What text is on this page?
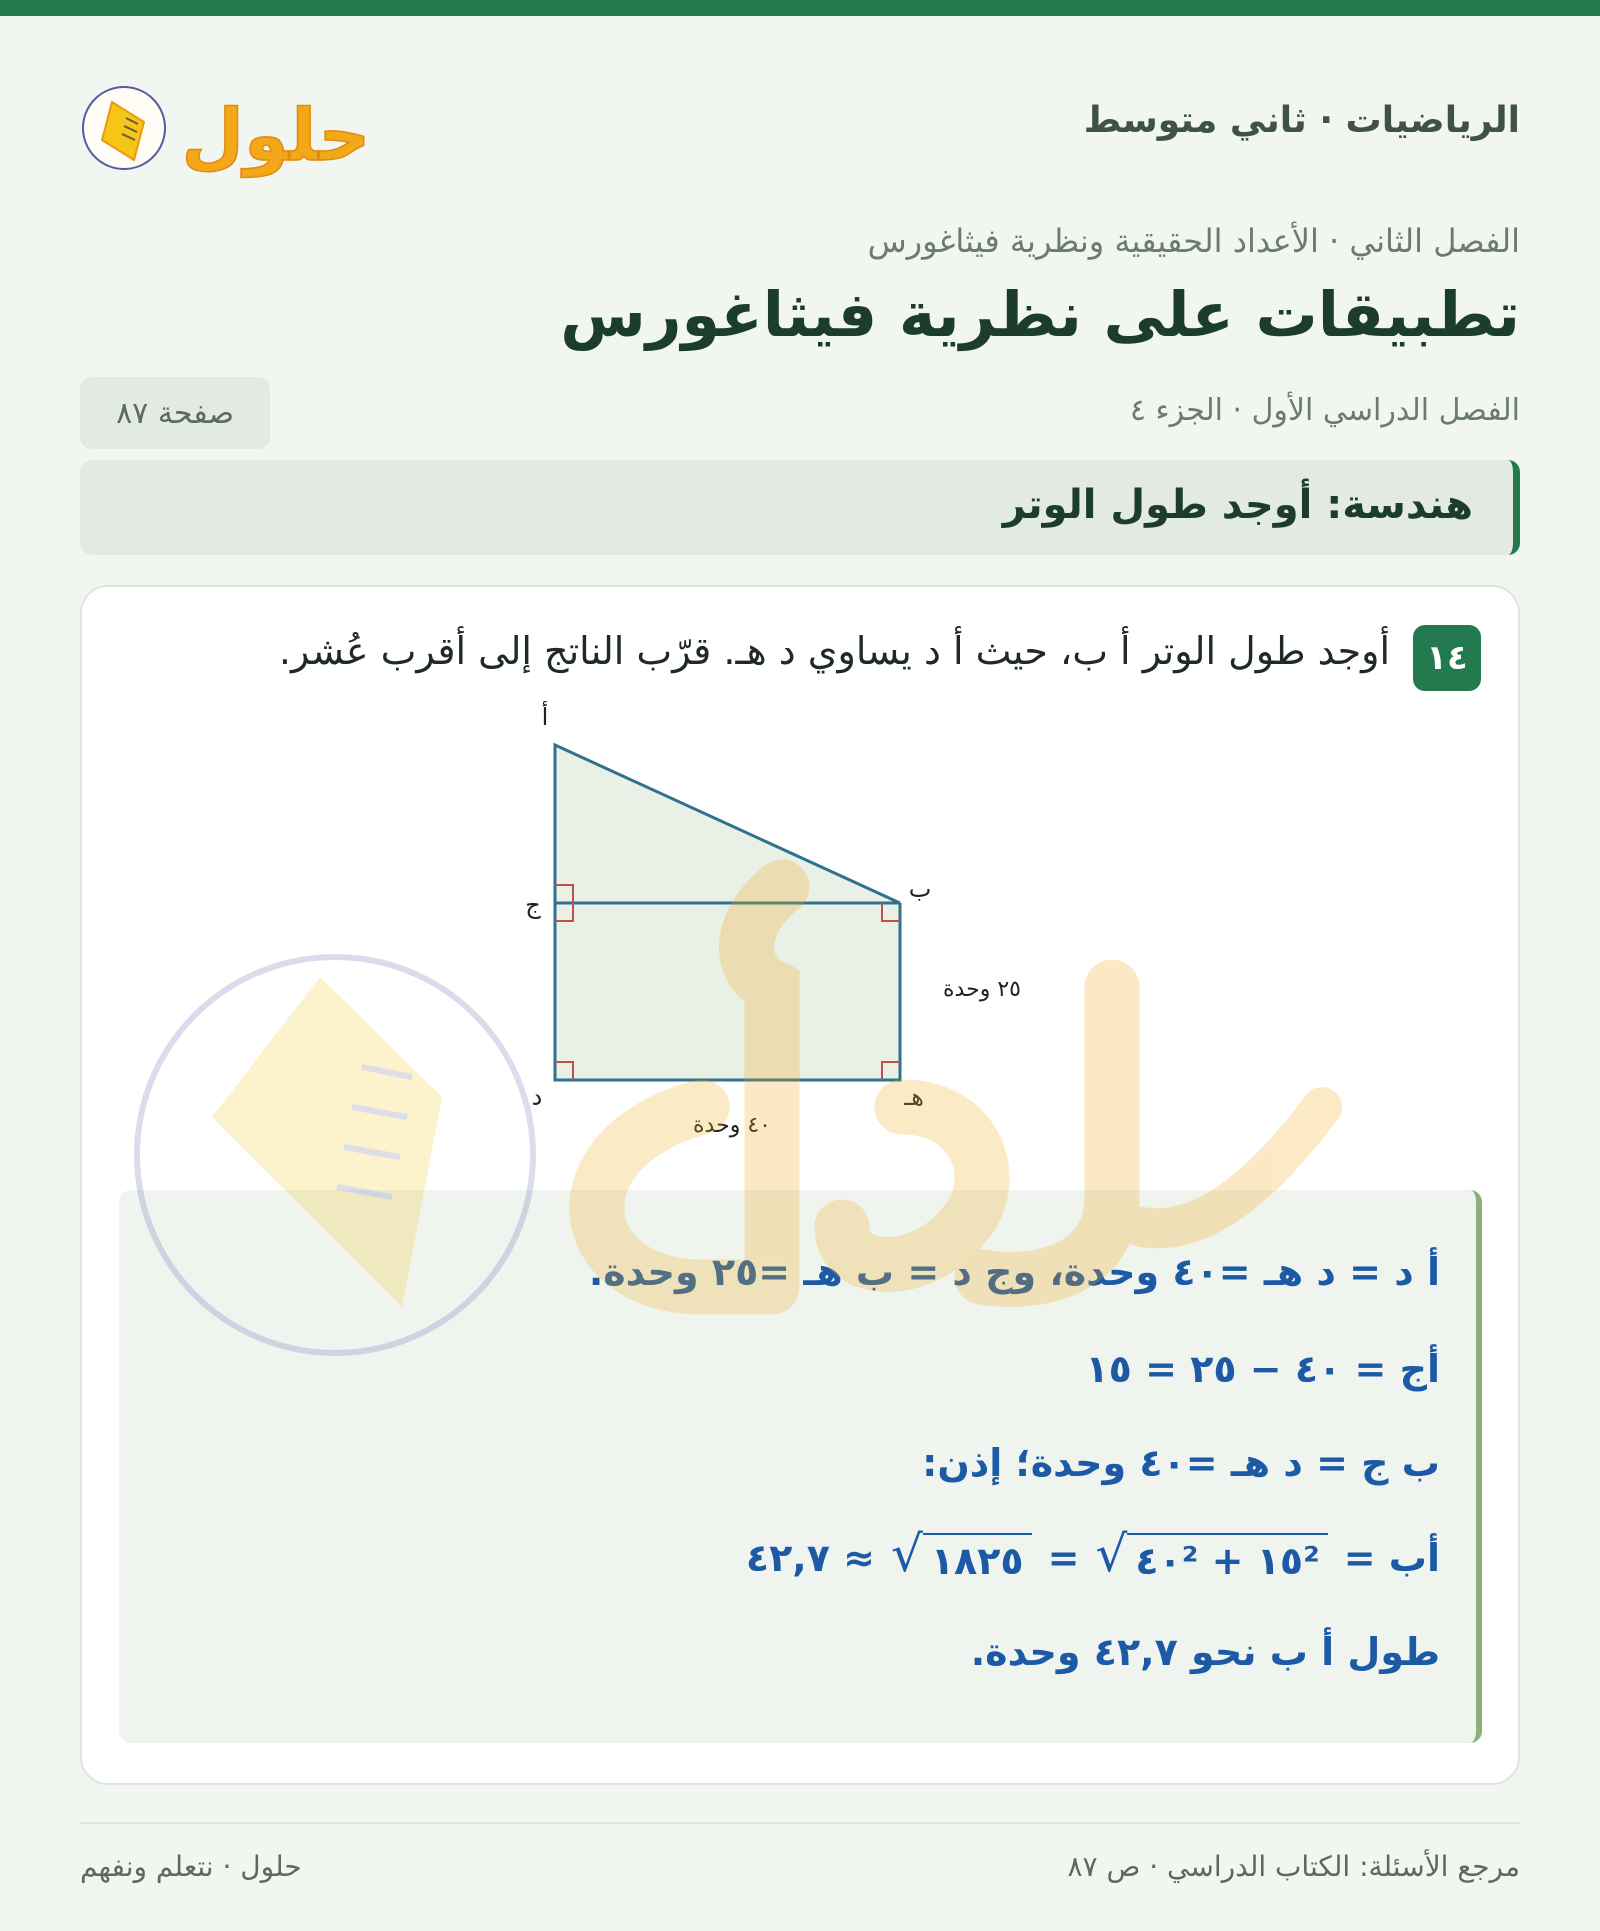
الرياضيات · ثاني متوسط
حلول
الفصل الثاني · الأعداد الحقيقية ونظرية فيثاغورس
تطبيقات على نظرية فيثاغورس
الفصل الدراسي الأول · الجزء ٤
صفحة ٨٧
هندسة: أوجد طول الوتر
١٤
أوجد طول الوتر أ ب، حيث أ د يساوي د هـ. قرّب الناتج إلى أقرب عُشر.
أ
ب
ج
د	هـ
٢٥ وحدة
٤٠ وحدة
أ د = د هـ =٤٠ وحدة، وج د = ب هـ =٢٥ وحدة.
أج = ٤٠ − ٢٥ = ١٥
ب ج = د هـ =٤٠ وحدة؛ إذن:
أب =
١٥² + ٤٠²
√
=
١٨٢٥
√
≈ ٤٢,٧
طول أ ب نحو ٤٢,٧ وحدة.
مرجع الأسئلة: الكتاب الدراسي · ص ٨٧
حلول · نتعلم ونفهم
